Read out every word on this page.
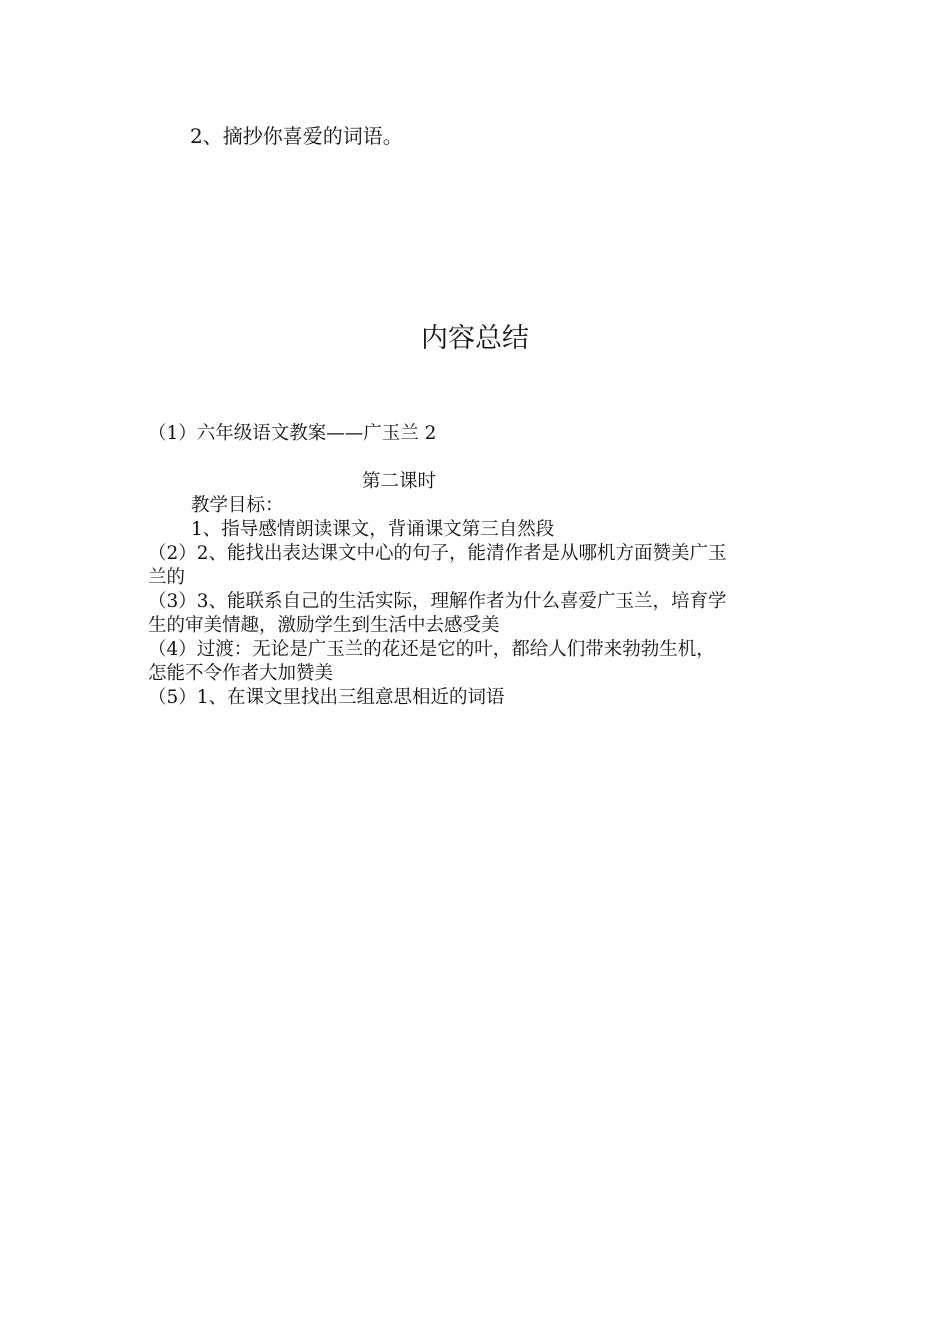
2、摘抄你喜爱的词语。
内容总结
（1）六年级语文教案——广玉兰 2
第二课时
教学目标：
1、指导感情朗读课文，背诵课文第三自然段
（2）2、能找出表达课文中心的句子，能清作者是从哪机方面赞美广玉
兰的
（3）3、能联系自己的生活实际，理解作者为什么喜爱广玉兰，培育学
生的审美情趣，激励学生到生活中去感受美
（4）过渡：无论是广玉兰的花还是它的叶，都给人们带来勃勃生机，
怎能不令作者大加赞美
（5）1、在课文里找出三组意思相近的词语
